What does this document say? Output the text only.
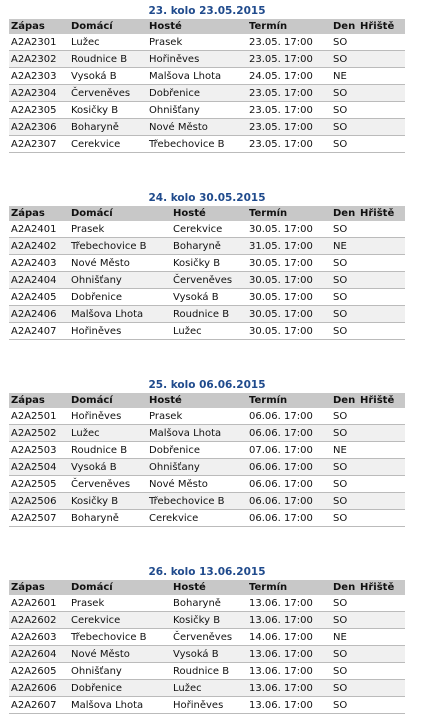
23. kolo 23.05.2015
Zápas	Domácí	Hosté	Termín	Den	Hřiště
A2A2301	Lužec	Prasek	23.05. 17:00	SO	
A2A2302	Roudnice B	Hořiněves	23.05. 17:00	SO	
A2A2303	Vysoká B	Malšova Lhota	24.05. 17:00	NE	
A2A2304	Červeněves	Dobřenice	23.05. 17:00	SO	
A2A2305	Kosičky B	Ohnišťany	23.05. 17:00	SO	
A2A2306	Boharyně	Nové Město	23.05. 17:00	SO	
A2A2307	Cerekvice	Třebechovice B	23.05. 17:00	SO	
24. kolo 30.05.2015
Zápas	Domácí	Hosté	Termín	Den	Hřiště
A2A2401	Prasek	Cerekvice	30.05. 17:00	SO	
A2A2402	Třebechovice B	Boharyně	31.05. 17:00	NE	
A2A2403	Nové Město	Kosičky B	30.05. 17:00	SO	
A2A2404	Ohnišťany	Červeněves	30.05. 17:00	SO	
A2A2405	Dobřenice	Vysoká B	30.05. 17:00	SO	
A2A2406	Malšova Lhota	Roudnice B	30.05. 17:00	SO	
A2A2407	Hořiněves	Lužec	30.05. 17:00	SO	
25. kolo 06.06.2015
Zápas	Domácí	Hosté	Termín	Den	Hřiště
A2A2501	Hořiněves	Prasek	06.06. 17:00	SO	
A2A2502	Lužec	Malšova Lhota	06.06. 17:00	SO	
A2A2503	Roudnice B	Dobřenice	07.06. 17:00	NE	
A2A2504	Vysoká B	Ohnišťany	06.06. 17:00	SO	
A2A2505	Červeněves	Nové Město	06.06. 17:00	SO	
A2A2506	Kosičky B	Třebechovice B	06.06. 17:00	SO	
A2A2507	Boharyně	Cerekvice	06.06. 17:00	SO	
26. kolo 13.06.2015
Zápas	Domácí	Hosté	Termín	Den	Hřiště
A2A2601	Prasek	Boharyně	13.06. 17:00	SO	
A2A2602	Cerekvice	Kosičky B	13.06. 17:00	SO	
A2A2603	Třebechovice B	Červeněves	14.06. 17:00	NE	
A2A2604	Nové Město	Vysoká B	13.06. 17:00	SO	
A2A2605	Ohnišťany	Roudnice B	13.06. 17:00	SO	
A2A2606	Dobřenice	Lužec	13.06. 17:00	SO	
A2A2607	Malšova Lhota	Hořiněves	13.06. 17:00	SO	
